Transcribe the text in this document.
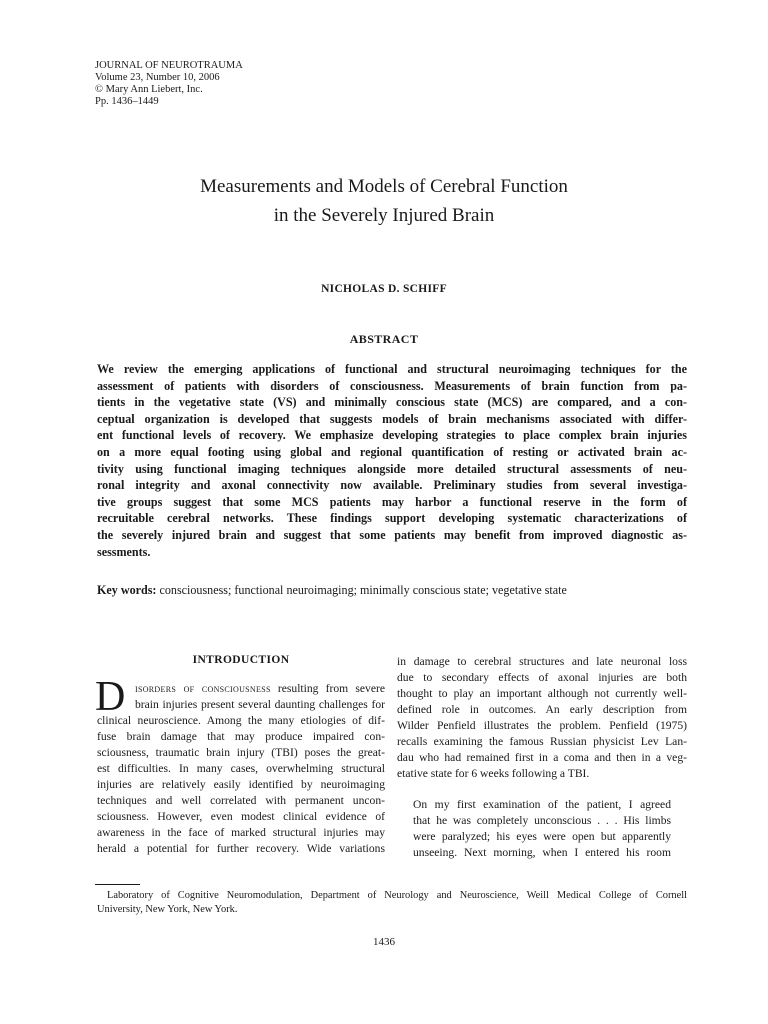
JOURNAL OF NEUROTRAUMA
Volume 23, Number 10, 2006
© Mary Ann Liebert, Inc.
Pp. 1436–1449
Measurements and Models of Cerebral Function
in the Severely Injured Brain
NICHOLAS D. SCHIFF
ABSTRACT
We review the emerging applications of functional and structural neuroimaging techniques for the
assessment of patients with disorders of consciousness. Measurements of brain function from pa-
tients in the vegetative state (VS) and minimally conscious state (MCS) are compared, and a con-
ceptual organization is developed that suggests models of brain mechanisms associated with differ-
ent functional levels of recovery. We emphasize developing strategies to place complex brain injuries
on a more equal footing using global and regional quantification of resting or activated brain ac-
tivity using functional imaging techniques alongside more detailed structural assessments of neu-
ronal integrity and axonal connectivity now available. Preliminary studies from several investiga-
tive groups suggest that some MCS patients may harbor a functional reserve in the form of
recruitable cerebral networks. These findings support developing systematic characterizations of
the severely injured brain and suggest that some patients may benefit from improved diagnostic as-
sessments.
Key words: consciousness; functional neuroimaging; minimally conscious state; vegetative state
INTRODUCTION
D isorders of consciousness resulting from severe
brain injuries present several daunting challenges for
clinical neuroscience. Among the many etiologies of dif-
fuse brain damage that may produce impaired con-
sciousness, traumatic brain injury (TBI) poses the great-
est difficulties. In many cases, overwhelming structural
injuries are relatively easily identified by neuroimaging
techniques and well correlated with permanent uncon-
sciousness. However, even modest clinical evidence of
awareness in the face of marked structural injuries may
herald a potential for further recovery. Wide variations
in damage to cerebral structures and late neuronal loss
due to secondary effects of axonal injuries are both
thought to play an important although not currently well-
defined role in outcomes. An early description from
Wilder Penfield illustrates the problem. Penfield (1975)
recalls examining the famous Russian physicist Lev Lan-
dau who had remained first in a coma and then in a veg-
etative state for 6 weeks following a TBI.
On my first examination of the patient, I agreed
that he was completely unconscious . . . His limbs
were paralyzed; his eyes were open but apparently
unseeing. Next morning, when I entered his room
Laboratory of Cognitive Neuromodulation, Department of Neurology and Neuroscience, Weill Medical College of Cornell
University, New York, New York.
1436
